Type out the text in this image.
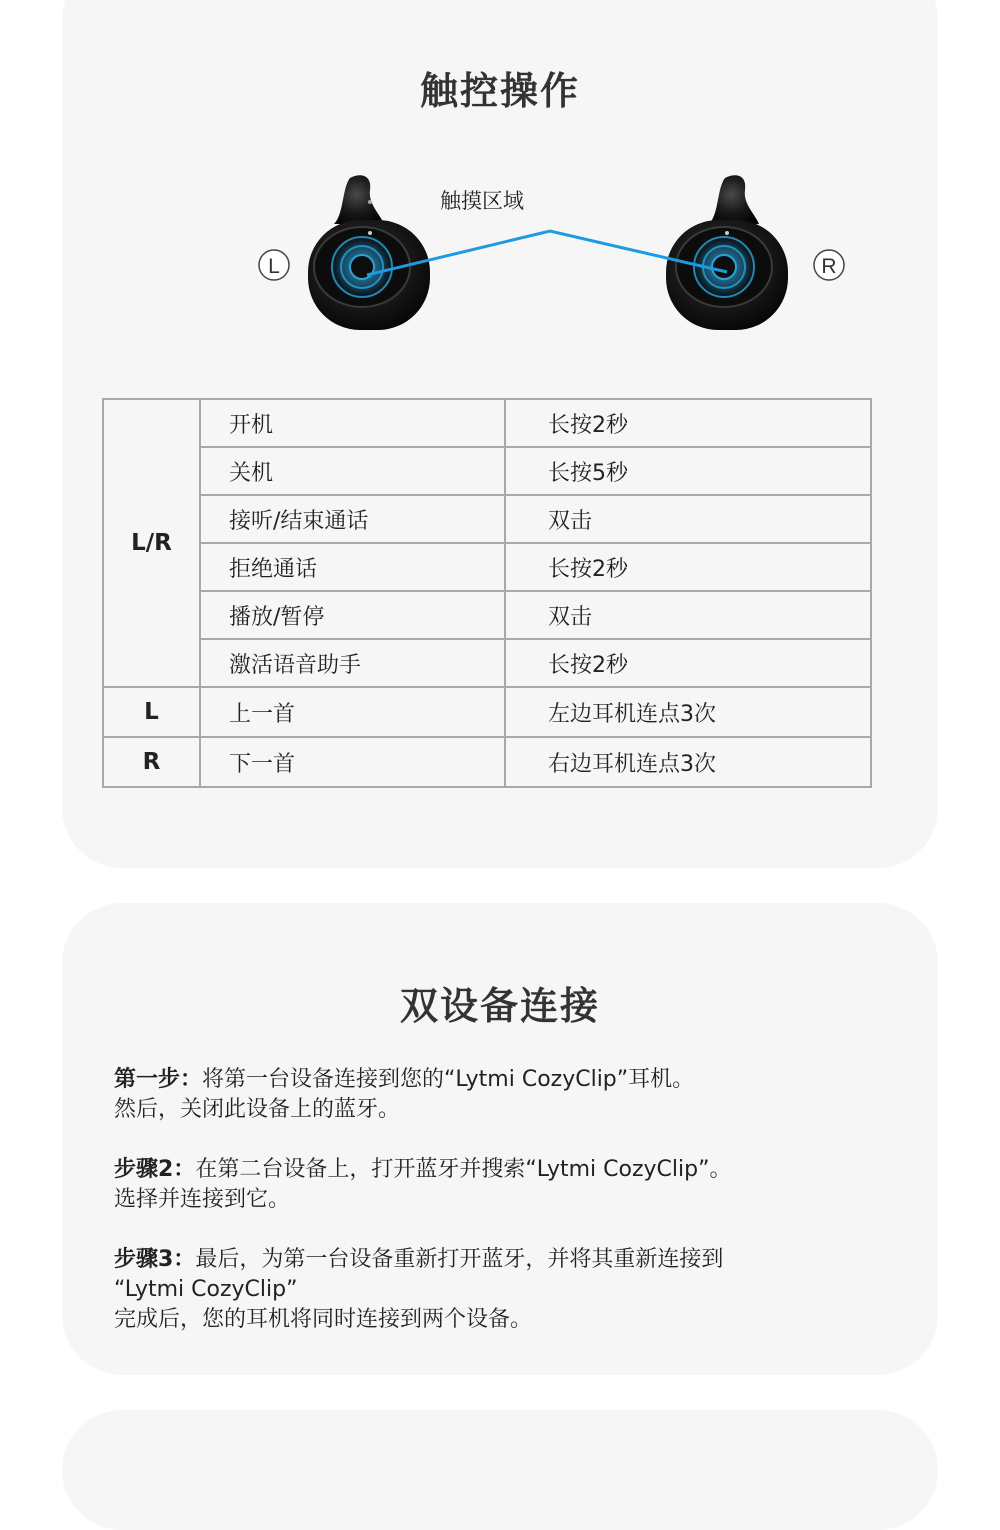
触控操作
L	R
触摸区域
L/R	开机	长按2秒
	关机	长按5秒
	接听/结束通话	双击
	拒绝通话	长按2秒
	播放/暂停	双击
	激活语音助手	长按2秒
L	上一首	左边耳机连点3次
R	下一首	右边耳机连点3次
双设备连接
第一步：将第一台设备连接到您的“Lytmi CozyClip”耳机。
然后，关闭此设备上的蓝牙。
步骤2：在第二台设备上，打开蓝牙并搜索“Lytmi CozyClip”。
选择并连接到它。
步骤3：最后，为第一台设备重新打开蓝牙，并将其重新连接到
“Lytmi CozyClip”
完成后，您的耳机将同时连接到两个设备。
